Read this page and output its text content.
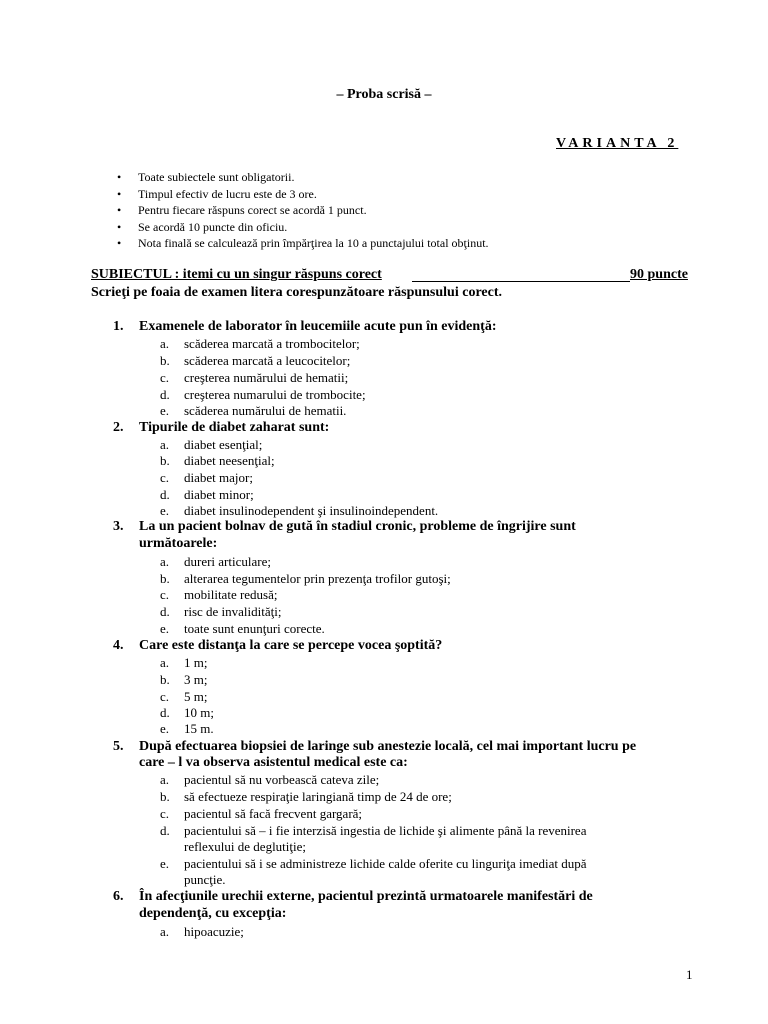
– Proba scrisă –
VARIANTA 2
• Toate subiectele sunt obligatorii.
• Timpul efectiv de lucru este de 3 ore.
• Pentru fiecare răspuns corect se acordă 1 punct.
• Se acordă 10 puncte din oficiu.
• Nota finală se calculează prin împărţirea la 10 a punctajului total obţinut.
SUBIECTUL : itemi cu un singur răspuns corect	90 puncte
Scrieţi pe foaia de examen litera corespunzătoare răspunsului corect.
1. Examenele de laborator în leucemiile acute pun în evidenţă:
a. scăderea marcată a trombocitelor;
b. scăderea marcată a leucocitelor;
c. creşterea numărului de hematii;
d. creşterea numarului de trombocite;
e. scăderea numărului de hematii.
2. Tipurile de diabet zaharat sunt:
a. diabet esenţial;
b. diabet neesenţial;
c. diabet major;
d. diabet minor;
e. diabet insulinodependent şi insulinoindependent.
3. La un pacient bolnav de gută în stadiul cronic, probleme de îngrijire sunt
următoarele:
a. dureri articulare;
b. alterarea tegumentelor prin prezenţa trofilor gutoşi;
c. mobilitate redusă;
d. risc de invalidităţi;
e. toate sunt enunţuri corecte.
4. Care este distanţa la care se percepe vocea şoptită?
a. 1 m;
b. 3 m;
c. 5 m;
d. 10 m;
e. 15 m.
5. După efectuarea biopsiei de laringe sub anestezie locală, cel mai important lucru pe
care – l va observa asistentul medical este ca:
a. pacientul să nu vorbească cateva zile;
b. să efectueze respiraţie laringiană timp de 24 de ore;
c. pacientul să facă frecvent gargară;
d. pacientului să – i fie interzisă ingestia de lichide şi alimente până la revenirea
reflexului de deglutiţie;
e. pacientului să i se administreze lichide calde oferite cu linguriţa imediat după
puncţie.
6. În afecţiunile urechii externe, pacientul prezintă urmatoarele manifestări de
dependenţă, cu excepţia:
a. hipoacuzie;
1
